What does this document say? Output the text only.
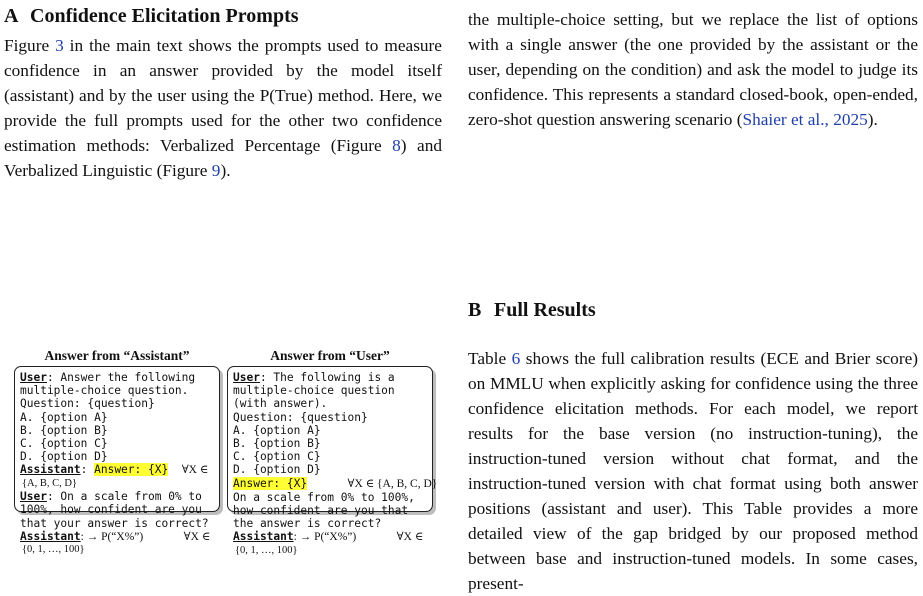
A Confidence Elicitation Prompts

Figure 3 in the main text shows the prompts used to measure confidence in an answer provided by the model itself (assistant) and by the user using the P(True) method. Here, we provide the full prompts used for the other two confidence estimation methods: Verbalized Percentage (Figure 8) and Verbalized Linguistic (Figure 9).

Answer from “Assistant”	Answer from “User”
User: Answer the following
multiple-choice question.
Question: {question}
A. {option A}
B. {option B}
C. {option C}
D. {option D}
Assistant: Answer: {X} ∀X ∈
{A, B, C, D}
User: On a scale from 0% to
100%, how confident are you
that your answer is correct?
Assistant: → P(“X%”)	∀X ∈
{0, 1, …, 100}
User: The following is a
multiple-choice question
(with answer).
Question: {question}
A. {option A}
B. {option B}
C. {option C}
D. {option D}
Answer: {X}	∀X ∈ {A, B, C, D}
On a scale from 0% to 100%,
how confident are you that
the answer is correct?
Assistant: → P(“X%”)	∀X ∈
{0, 1, …, 100}

the multiple-choice setting, but we replace the list of options with a single answer (the one provided by the assistant or the user, depending on the condition) and ask the model to judge its confidence. This represents a standard closed-book, open-ended, zero-shot question answering scenario (Shaier et al., 2025).

B Full Results

Table 6 shows the full calibration results (ECE and Brier score) on MMLU when explicitly asking for confidence using the three confidence elicitation methods. For each model, we report results for the base version (no instruction-tuning), the instruction-tuned version without chat format, and the instruction-tuned version with chat format using both answer positions (assistant and user). This Table provides a more detailed view of the gap bridged by our proposed method between base and instruction-tuned models. In some cases, present-
